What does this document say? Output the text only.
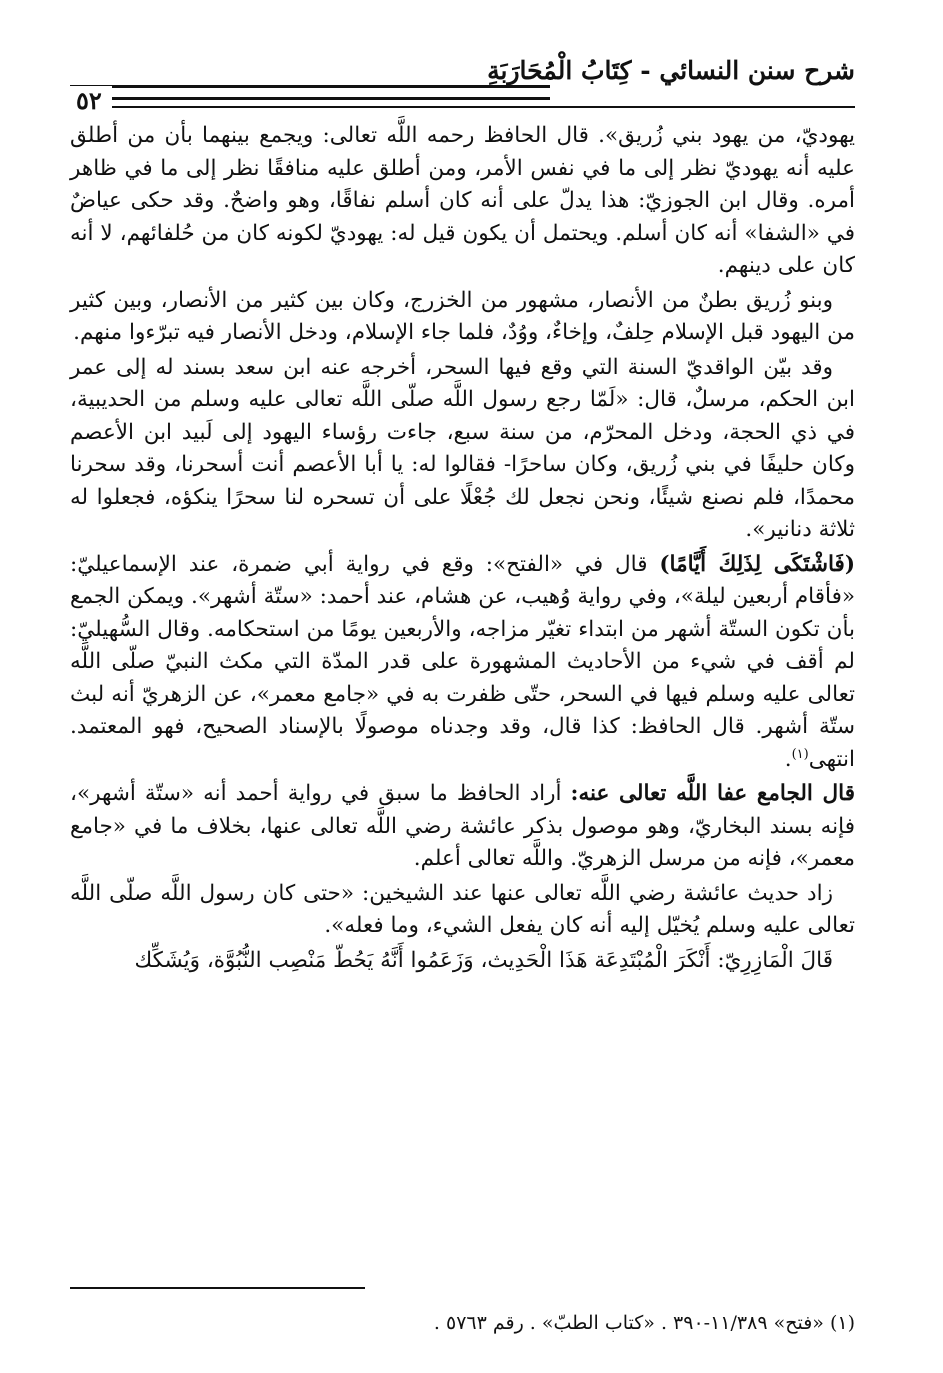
شرح سنن النسائي - كِتَابُ الْمُحَارَبَةِ
٥٢

يهوديّ، من يهود بني زُريق». قال الحافظ رحمه اللَّه تعالى: ويجمع بينهما بأن من أطلق عليه أنه يهوديّ نظر إلى ما في نفس الأمر، ومن أطلق عليه منافقًا نظر إلى ما في ظاهر أمره. وقال ابن الجوزيّ: هذا يدلّ على أنه كان أسلم نفاقًا، وهو واضحٌ. وقد حكى عياضٌ في «الشفا» أنه كان أسلم. ويحتمل أن يكون قيل له: يهوديّ لكونه كان من حُلفائهم، لا أنه كان على دينهم.

وبنو زُريق بطنٌ من الأنصار، مشهور من الخزرج، وكان بين كثير من الأنصار، وبين كثير من اليهود قبل الإسلام حِلفٌ، وإخاءٌ، ووُدٌ، فلما جاء الإسلام، ودخل الأنصار فيه تبرّءوا منهم.

وقد بيّن الواقديّ السنة التي وقع فيها السحر، أخرجه عنه ابن سعد بسند له إلى عمر ابن الحكم، مرسلٌ، قال: «لَمّا رجع رسول اللَّه صلّى اللَّه تعالى عليه وسلم من الحديبية، في ذي الحجة، ودخل المحرّم، من سنة سبع، جاءت رؤساء اليهود إلى لَبيد ابن الأعصم وكان حليفًا في بني زُريق، وكان ساحرًا- فقالوا له: يا أبا الأعصم أنت أسحرنا، وقد سحرنا محمدًا، فلم نصنع شيئًا، ونحن نجعل لك جُعْلًا على أن تسحره لنا سحرًا ينكؤه، فجعلوا له ثلاثة دنانير».

(فَاشْتَكَى لِذَلِكَ أَيَّامًا) قال في «الفتح»: وقع في رواية أبي ضمرة، عند الإسماعيليّ: «فأقام أربعين ليلة»، وفي رواية وُهيب، عن هشام، عند أحمد: «ستّة أشهر». ويمكن الجمع بأن تكون الستّة أشهر من ابتداء تغيّر مزاجه، والأربعين يومًا من استحكامه. وقال السُّهيليّ: لم أقف في شيء من الأحاديث المشهورة على قدر المدّة التي مكث النبيّ صلّى اللَّه تعالى عليه وسلم فيها في السحر، حتّى ظفرت به في «جامع معمر»، عن الزهريّ أنه لبث ستّة أشهر. قال الحافظ: كذا قال، وقد وجدناه موصولًا بالإسناد الصحيح، فهو المعتمد. انتهى$^{(١)}$.

قال الجامع عفا اللَّه تعالى عنه: أراد الحافظ ما سبق في رواية أحمد أنه «ستّة أشهر»، فإنه بسند البخاريّ، وهو موصول بذكر عائشة رضي اللَّه تعالى عنها، بخلاف ما في «جامع معمر»، فإنه من مرسل الزهريّ. واللَّه تعالى أعلم.

زاد حديث عائشة رضي اللَّه تعالى عنها عند الشيخين: «حتى كان رسول اللَّه صلّى اللَّه تعالى عليه وسلم يُخيّل إليه أنه كان يفعل الشيء، وما فعله».

قَالَ الْمَازِرِيّ: أَنْكَرَ الْمُبْتَدِعَة هَذَا الْحَدِيث، وَزَعَمُوا أَنَّهُ يَحُطّ مَنْصِب النُّبُوَّة، وَيُشَكِّك

(١) «فتح» ١١/٣٨٩-٣٩٠ . «كتاب الطبّ» . رقم ٥٧٦٣ .
